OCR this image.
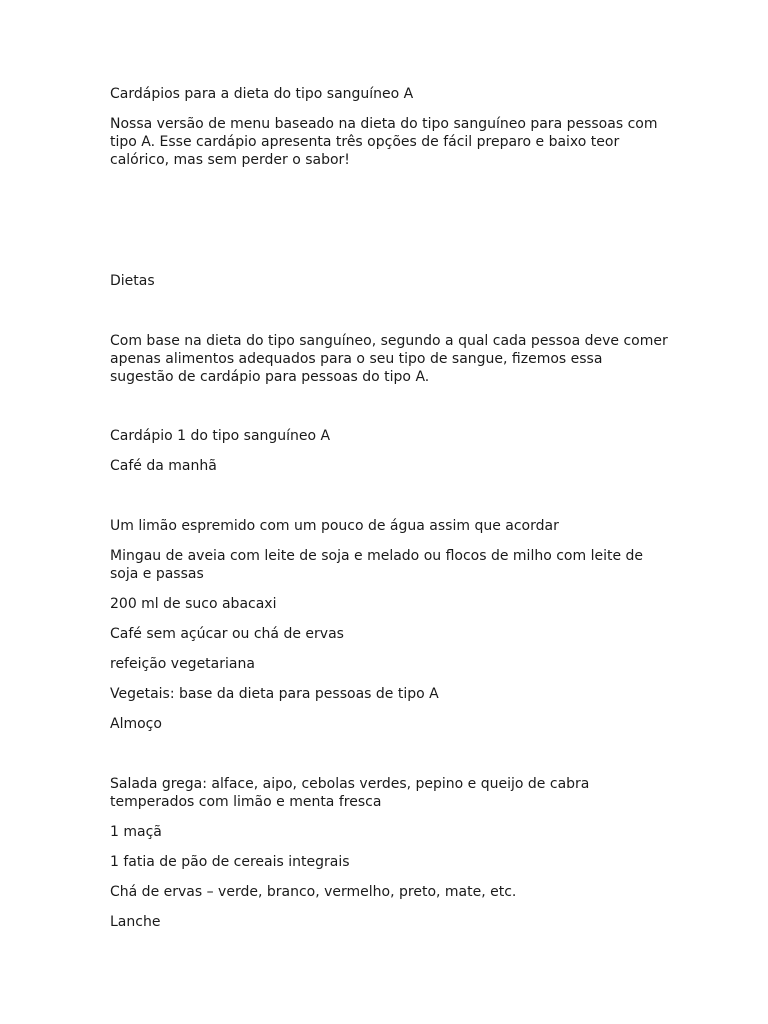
Cardápios para a dieta do tipo sanguíneo A

Nossa versão de menu baseado na dieta do tipo sanguíneo para pessoas com tipo A. Esse cardápio apresenta três opções de fácil preparo e baixo teor calórico, mas sem perder o sabor!

Dietas

Com base na dieta do tipo sanguíneo, segundo a qual cada pessoa deve comer apenas alimentos adequados para o seu tipo de sangue, fizemos essa sugestão de cardápio para pessoas do tipo A.

Cardápio 1 do tipo sanguíneo A

Café da manhã

Um limão espremido com um pouco de água assim que acordar

Mingau de aveia com leite de soja e melado ou flocos de milho com leite de soja e passas

200 ml de suco abacaxi

Café sem açúcar ou chá de ervas

refeição vegetariana

Vegetais: base da dieta para pessoas de tipo A

Almoço

Salada grega: alface, aipo, cebolas verdes, pepino e queijo de cabra temperados com limão e menta fresca

1 maçã

1 fatia de pão de cereais integrais

Chá de ervas – verde, branco, vermelho, preto, mate, etc.

Lanche
